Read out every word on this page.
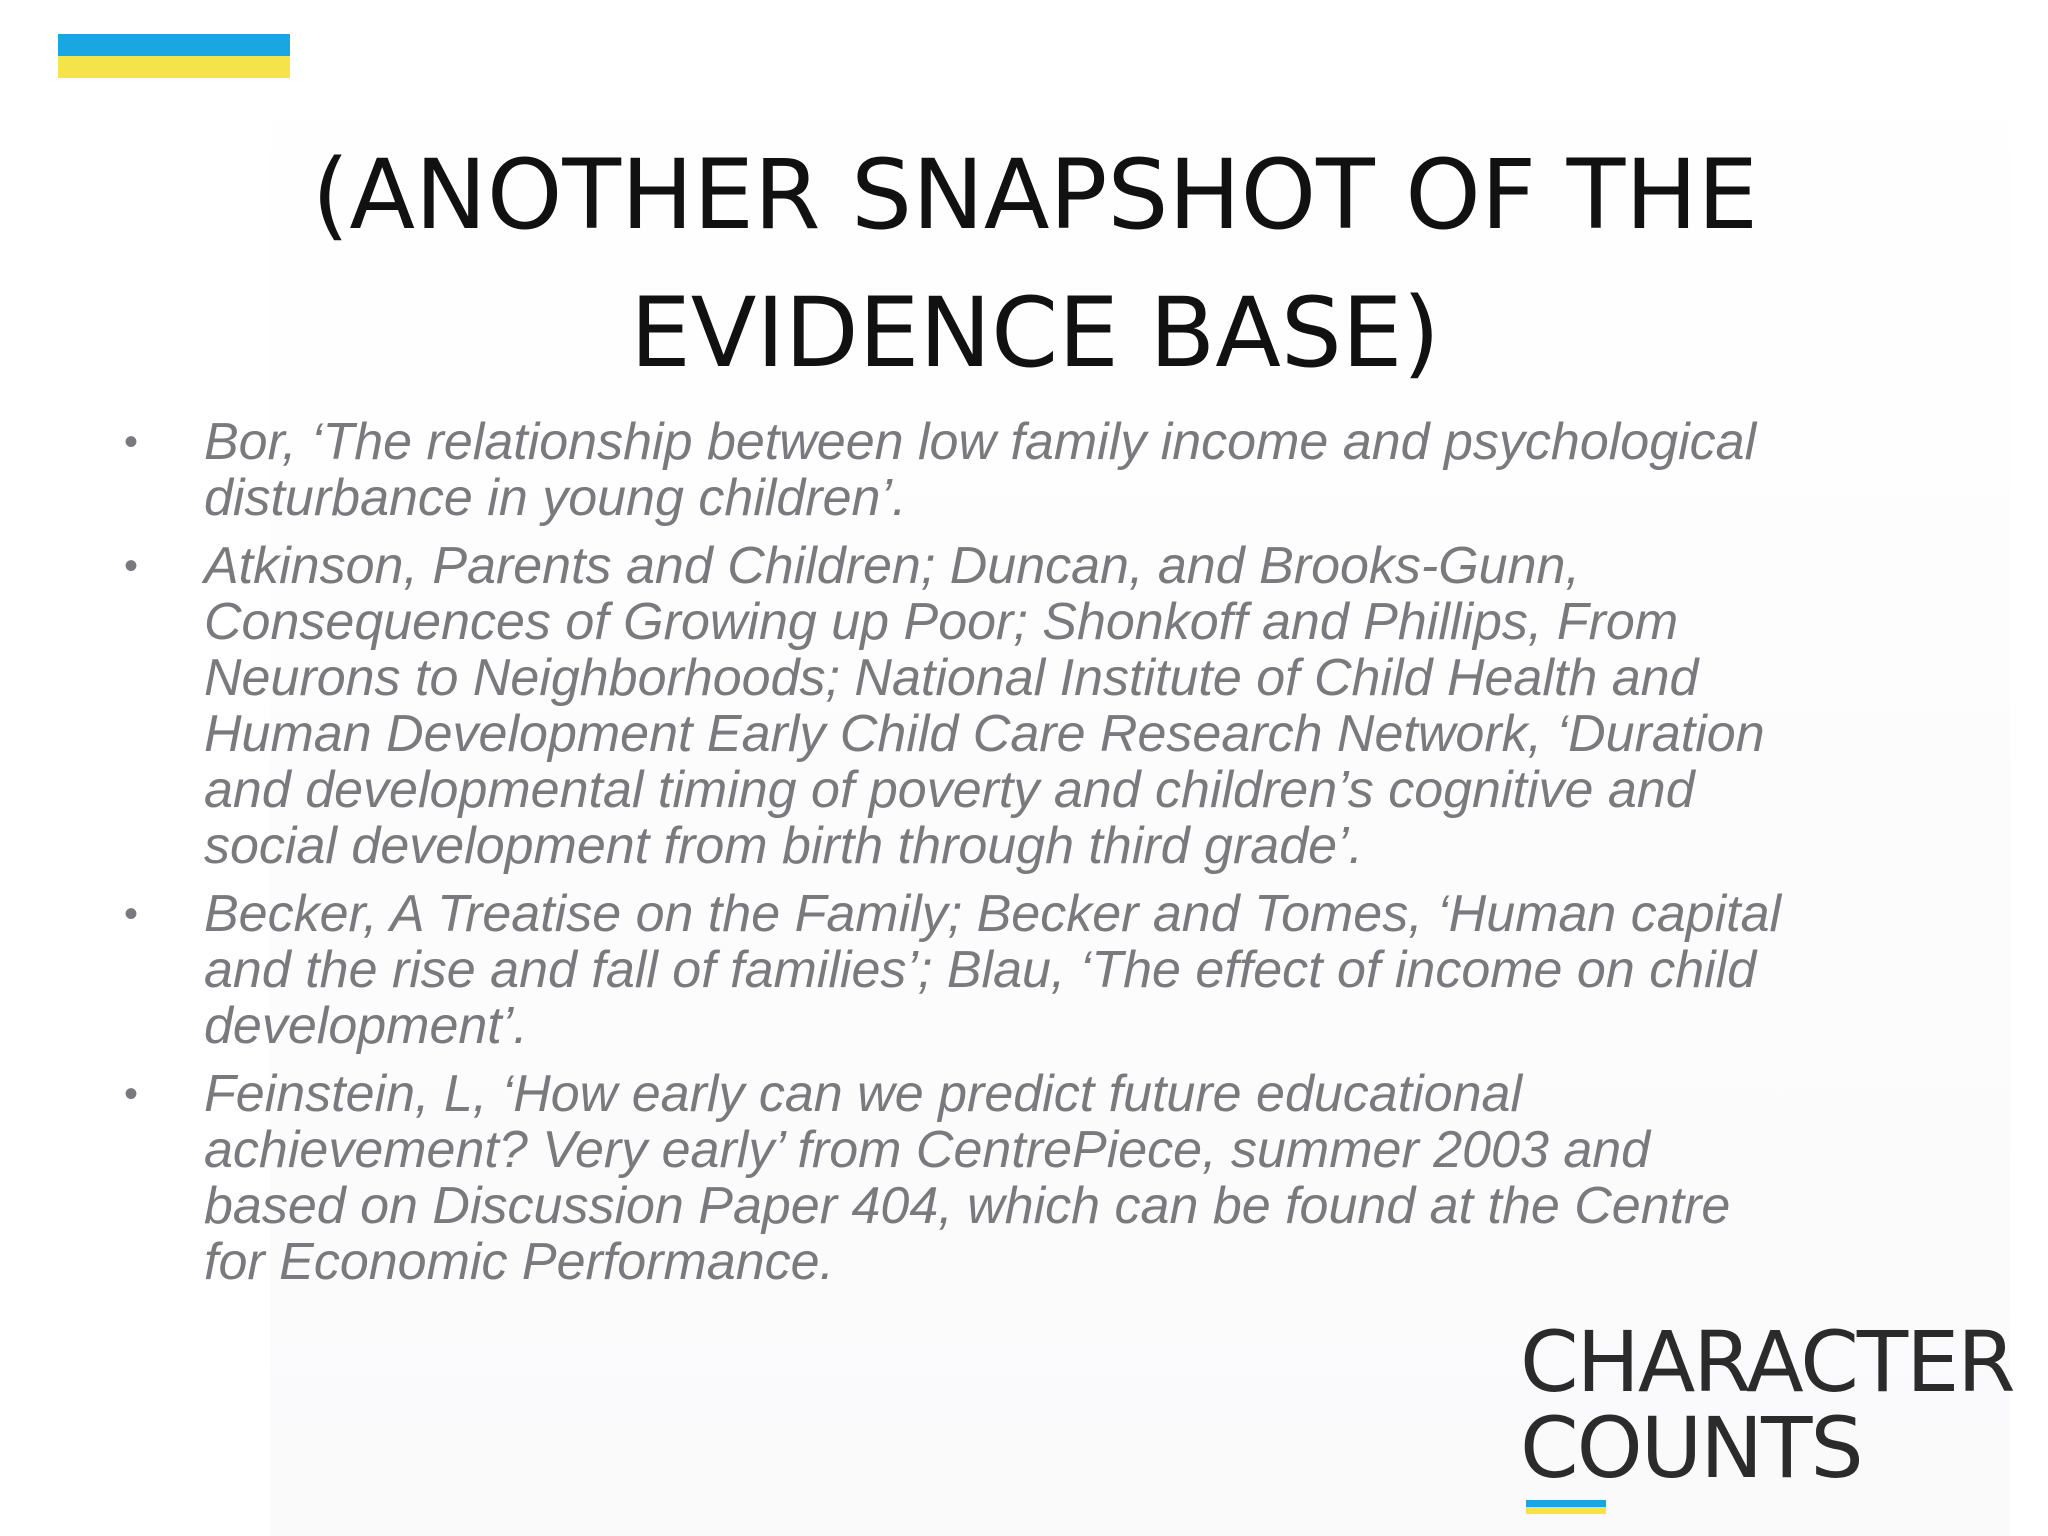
(ANOTHER SNAPSHOT OF THE
EVIDENCE BASE)
• Bor, ‘The relationship between low family income and psychological
disturbance in young children’.
• Atkinson, Parents and Children; Duncan, and Brooks-Gunn,
Consequences of Growing up Poor; Shonkoff and Phillips, From
Neurons to Neighborhoods; National Institute of Child Health and
Human Development Early Child Care Research Network, ‘Duration
and developmental timing of poverty and children’s cognitive and
social development from birth through third grade’.
• Becker, A Treatise on the Family; Becker and Tomes, ‘Human capital
and the rise and fall of families’; Blau, ‘The effect of income on child
development’.
• Feinstein, L, ‘How early can we predict future educational
achievement? Very early’ from CentrePiece, summer 2003 and
based on Discussion Paper 404, which can be found at the Centre
for Economic Performance.
CHARACTER
COUNTS
